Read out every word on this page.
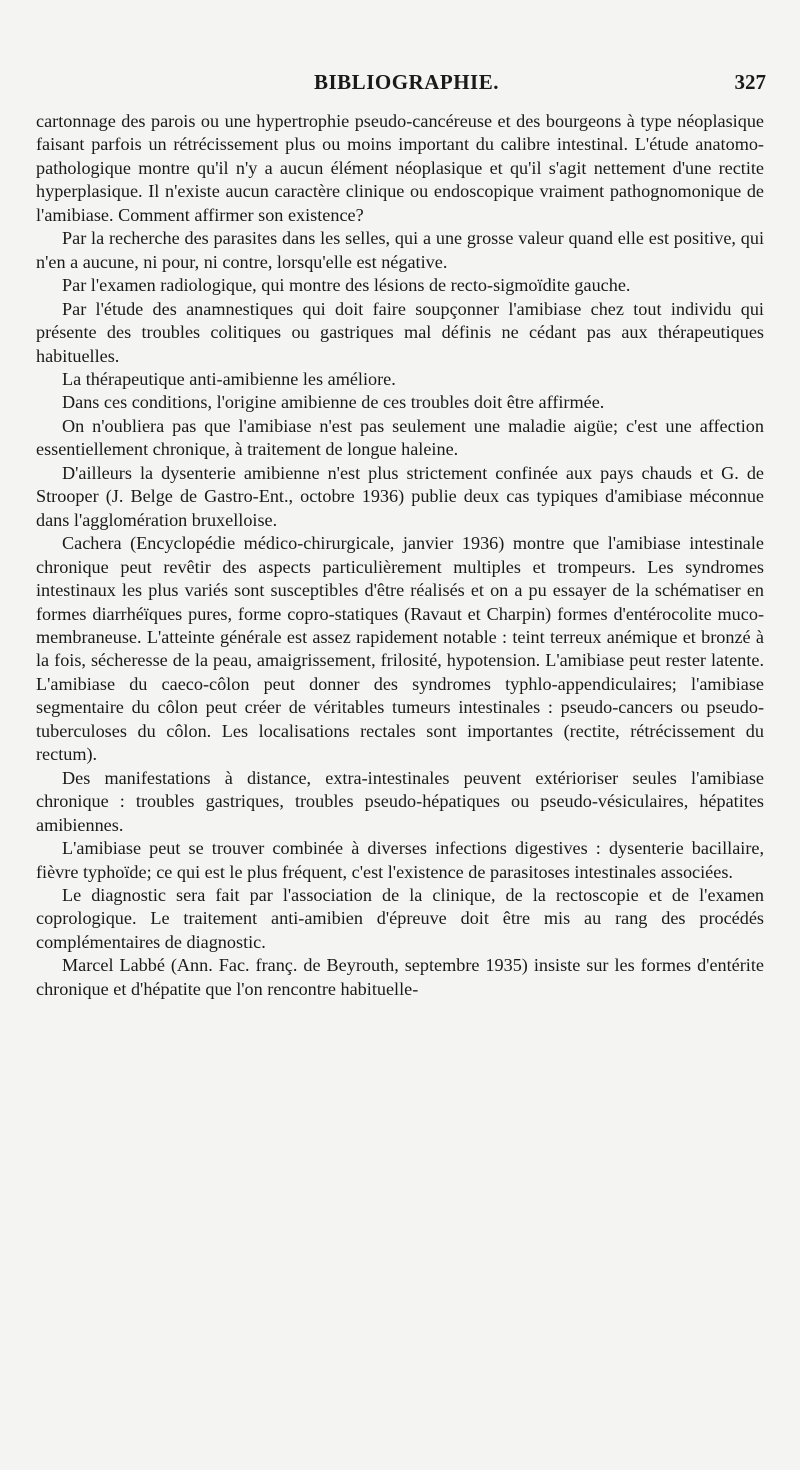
BIBLIOGRAPHIE.	327

cartonnage des parois ou une hypertrophie pseudo-cancéreuse et des bourgeons à type néoplasique faisant parfois un rétrécissement plus ou moins important du calibre intestinal. L'étude anatomo-pathologique montre qu'il n'y a aucun élément néoplasique et qu'il s'agit nettement d'une rectite hyperplasique. Il n'existe aucun caractère clinique ou endoscopique vraiment pathognomonique de l'amibiase. Comment affirmer son existence?

Par la recherche des parasites dans les selles, qui a une grosse valeur quand elle est positive, qui n'en a aucune, ni pour, ni contre, lorsqu'elle est négative.

Par l'examen radiologique, qui montre des lésions de recto-sigmoïdite gauche.

Par l'étude des anamnestiques qui doit faire soupçonner l'amibiase chez tout individu qui présente des troubles colitiques ou gastriques mal définis ne cédant pas aux thérapeutiques habituelles.

La thérapeutique anti-amibienne les améliore.

Dans ces conditions, l'origine amibienne de ces troubles doit être affirmée.

On n'oubliera pas que l'amibiase n'est pas seulement une maladie aigüe; c'est une affection essentiellement chronique, à traitement de longue haleine.

D'ailleurs la dysenterie amibienne n'est plus strictement confinée aux pays chauds et G. de Strooper (J. Belge de Gastro-Ent., octobre 1936) publie deux cas typiques d'amibiase méconnue dans l'agglomération bruxelloise.

Cachera (Encyclopédie médico-chirurgicale, janvier 1936) montre que l'amibiase intestinale chronique peut revêtir des aspects particulièrement multiples et trompeurs. Les syndromes intestinaux les plus variés sont susceptibles d'être réalisés et on a pu essayer de la schématiser en formes diarrhéïques pures, forme copro-statiques (Ravaut et Charpin) formes d'entérocolite muco-membraneuse. L'atteinte générale est assez rapidement notable : teint terreux anémique et bronzé à la fois, sécheresse de la peau, amaigrissement, frilosité, hypotension. L'amibiase peut rester latente. L'amibiase du caeco-côlon peut donner des syndromes typhlo-appendiculaires; l'amibiase segmentaire du côlon peut créer de véritables tumeurs intestinales : pseudo-cancers ou pseudo-tuberculoses du côlon. Les localisations rectales sont importantes (rectite, rétrécissement du rectum).

Des manifestations à distance, extra-intestinales peuvent extérioriser seules l'amibiase chronique : troubles gastriques, troubles pseudo-hépatiques ou pseudo-vésiculaires, hépatites amibiennes.

L'amibiase peut se trouver combinée à diverses infections digestives : dysenterie bacillaire, fièvre typhoïde; ce qui est le plus fréquent, c'est l'existence de parasitoses intestinales associées.

Le diagnostic sera fait par l'association de la clinique, de la rectoscopie et de l'examen coprologique. Le traitement anti-amibien d'épreuve doit être mis au rang des procédés complémentaires de diagnostic.

Marcel Labbé (Ann. Fac. franç. de Beyrouth, septembre 1935) insiste sur les formes d'entérite chronique et d'hépatite que l'on rencontre habituelle-
